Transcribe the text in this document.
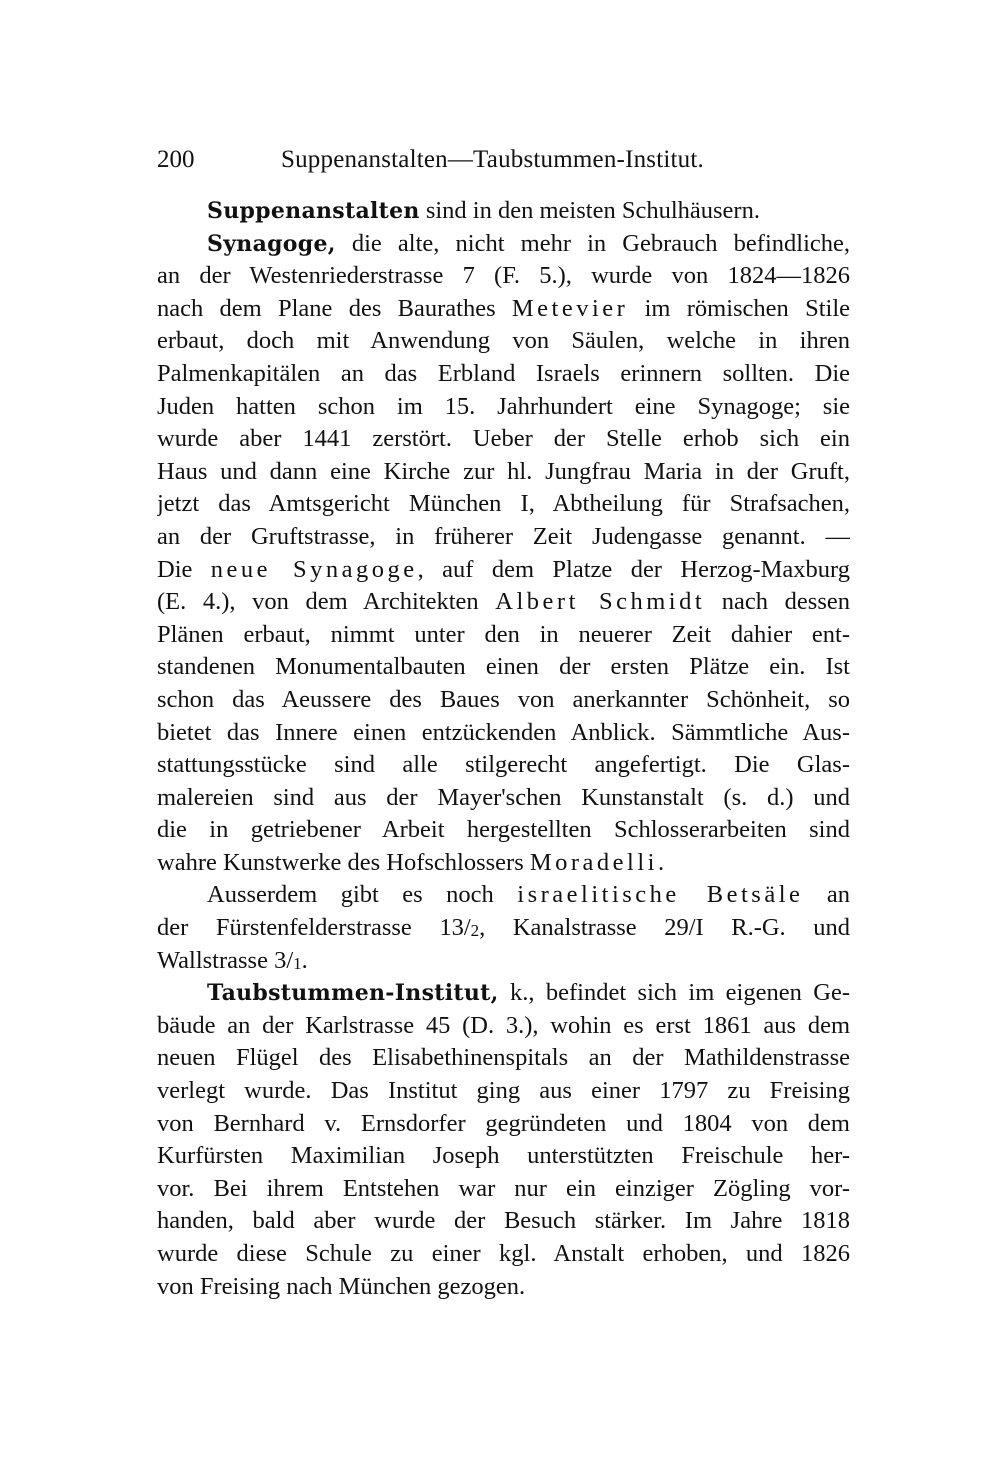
200	Suppenanstalten—Taubstummen-Institut.
Suppenanstalten sind in den meisten Schulhäusern.
Synagoge, die alte, nicht mehr in Gebrauch befindliche,
an der Westenriederstrasse 7 (F. 5.), wurde von 1824—1826
nach dem Plane des Baurathes Metevier im römischen Stile
erbaut, doch mit Anwendung von Säulen, welche in ihren
Palmenkapitälen an das Erbland Israels erinnern sollten. Die
Juden hatten schon im 15. Jahrhundert eine Synagoge; sie
wurde aber 1441 zerstört. Ueber der Stelle erhob sich ein
Haus und dann eine Kirche zur hl. Jungfrau Maria in der Gruft,
jetzt das Amtsgericht München I, Abtheilung für Strafsachen,
an der Gruftstrasse, in früherer Zeit Judengasse genannt. —
Die neue Synagoge, auf dem Platze der Herzog-Maxburg
(E. 4.), von dem Architekten Albert Schmidt nach dessen
Plänen erbaut, nimmt unter den in neuerer Zeit dahier ent-
standenen Monumentalbauten einen der ersten Plätze ein. Ist
schon das Aeussere des Baues von anerkannter Schönheit, so
bietet das Innere einen entzückenden Anblick. Sämmtliche Aus-
stattungsstücke sind alle stilgerecht angefertigt. Die Glas-
malereien sind aus der Mayer'schen Kunstanstalt (s. d.) und
die in getriebener Arbeit hergestellten Schlosserarbeiten sind
wahre Kunstwerke des Hofschlossers Moradelli.
Ausserdem gibt es noch israelitische Betsäle an
der Fürstenfelderstrasse 13/2, Kanalstrasse 29/I R.-G. und
Wallstrasse 3/1.
Taubstummen-Institut, k., befindet sich im eigenen Ge-
bäude an der Karlstrasse 45 (D. 3.), wohin es erst 1861 aus dem
neuen Flügel des Elisabethinenspitals an der Mathildenstrasse
verlegt wurde. Das Institut ging aus einer 1797 zu Freising
von Bernhard v. Ernsdorfer gegründeten und 1804 von dem
Kurfürsten Maximilian Joseph unterstützten Freischule her-
vor. Bei ihrem Entstehen war nur ein einziger Zögling vor-
handen, bald aber wurde der Besuch stärker. Im Jahre 1818
wurde diese Schule zu einer kgl. Anstalt erhoben, und 1826
von Freising nach München gezogen.
